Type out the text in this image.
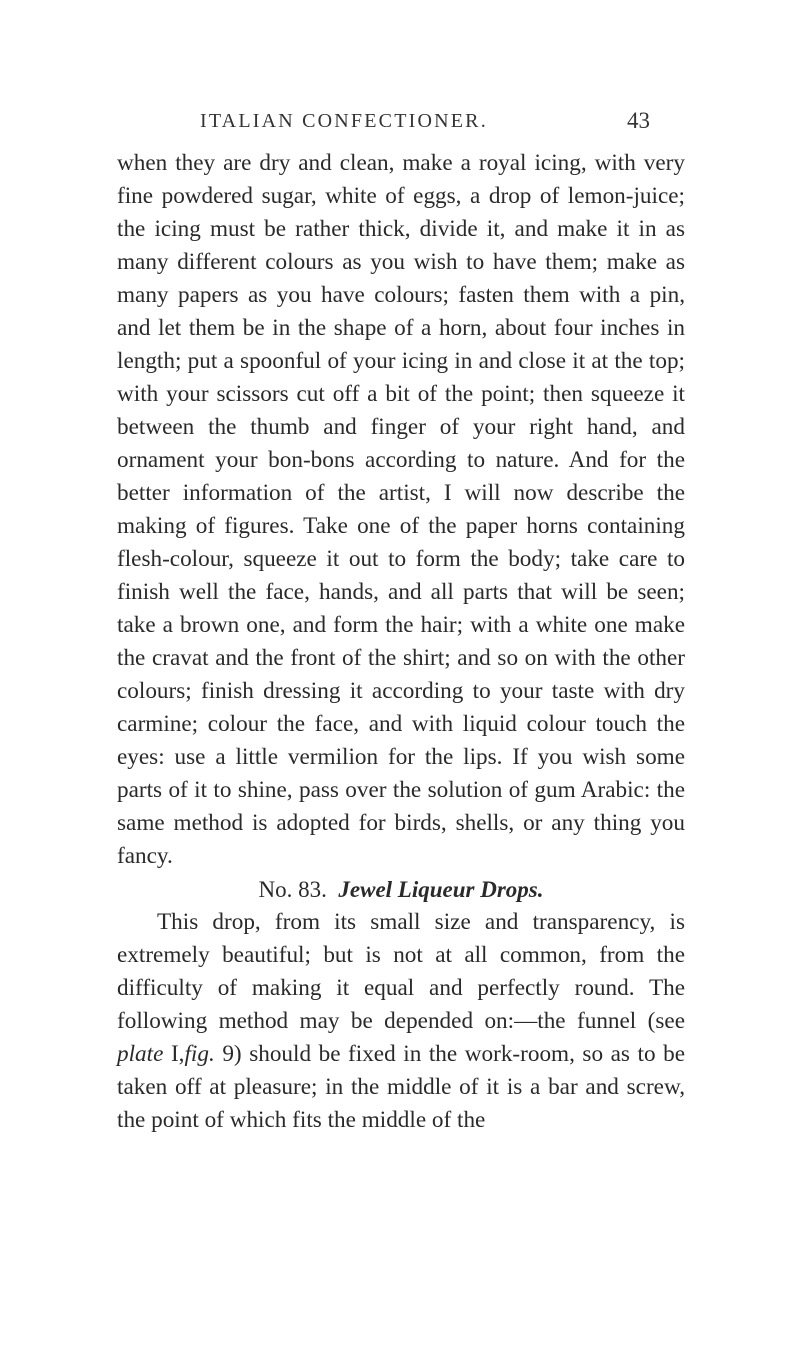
ITALIAN CONFECTIONER.	43

when they are dry and clean, make a royal icing, with very fine powdered sugar, white of eggs, a drop of lemon-juice; the icing must be rather thick, divide it, and make it in as many different colours as you wish to have them; make as many papers as you have colours; fasten them with a pin, and let them be in the shape of a horn, about four inches in length; put a spoonful of your icing in and close it at the top; with your scissors cut off a bit of the point; then squeeze it between the thumb and finger of your right hand, and ornament your bon-bons according to nature. And for the better information of the artist, I will now describe the making of figures. Take one of the paper horns containing flesh-colour, squeeze it out to form the body; take care to finish well the face, hands, and all parts that will be seen; take a brown one, and form the hair; with a white one make the cravat and the front of the shirt; and so on with the other colours; finish dressing it according to your taste with dry carmine; colour the face, and with liquid colour touch the eyes: use a little vermilion for the lips. If you wish some parts of it to shine, pass over the solution of gum Arabic: the same method is adopted for birds, shells, or any thing you fancy.

No. 83. Jewel Liqueur Drops.

This drop, from its small size and transparency, is extremely beautiful; but is not at all common, from the difficulty of making it equal and perfectly round. The following method may be depended on:—the funnel (see plate I,fig. 9) should be fixed in the work-room, so as to be taken off at pleasure; in the middle of it is a bar and screw, the point of which fits the middle of the
